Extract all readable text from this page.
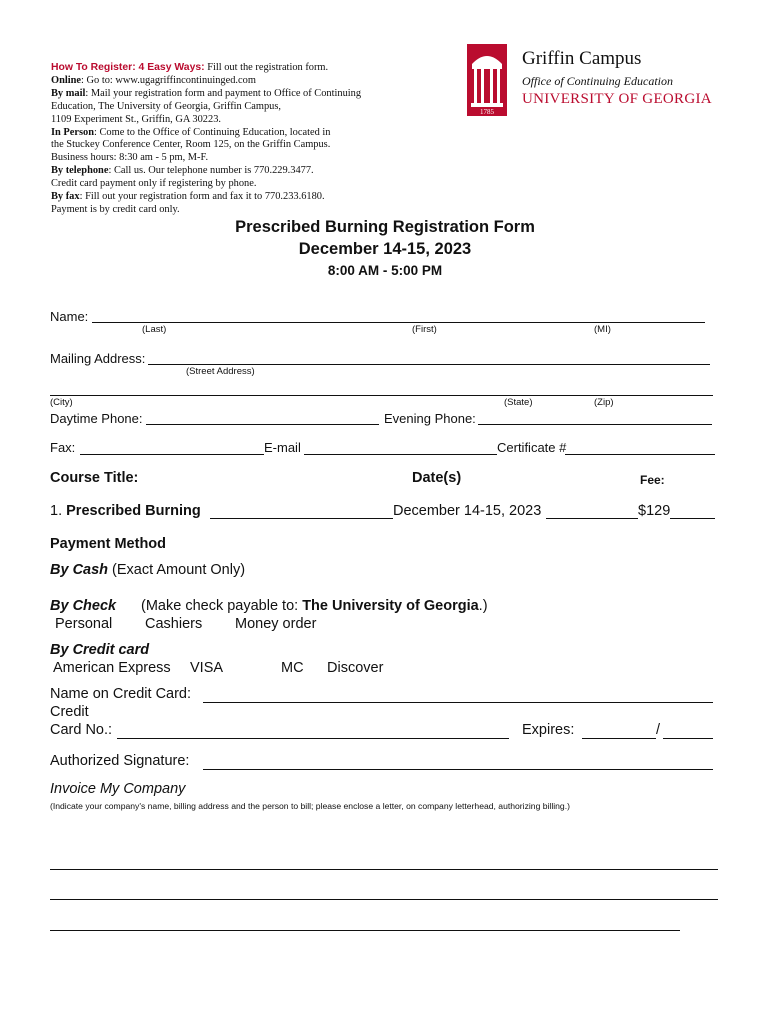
How To Register: 4 Easy Ways: Fill out the registration form.
Online: Go to: www.ugagriffincontinuinged.com
By mail: Mail your registration form and payment to Office of Continuing
Education, The University of Georgia, Griffin Campus,
1109 Experiment St., Griffin, GA 30223.
In Person: Come to the Office of Continuing Education, located in
the Stuckey Conference Center, Room 125, on the Griffin Campus.
Business hours: 8:30 am - 5 pm, M-F.
By telephone: Call us. Our telephone number is 770.229.3477.
Credit card payment only if registering by phone.
By fax: Fill out your registration form and fax it to 770.233.6180.
Payment is by credit card only.
1785
Griffin Campus
Office of Continuing Education
UNIVERSITY OF GEORGIA
Prescribed Burning Registration Form
December 14-15, 2023
8:00 AM - 5:00 PM
Name:
(Last)	(First)	(MI)
Mailing Address:
(Street Address)
(City)	(State)	(Zip)
Daytime Phone:	Evening Phone:
Fax:	E-mail	Certificate #
Course Title:	Date(s)	Fee:
1. Prescribed Burning	December 14-15, 2023	$129
Payment Method
By Cash (Exact Amount Only)
By Check (Make check payable to: The University of Georgia.)
Personal Cashiers Money order
By Credit card
American Express VISA	MC Discover
Name on Credit Card:
Credit
Card No.:	Expires:	/
Authorized Signature:
Invoice My Company
(Indicate your company's name, billing address and the person to bill; please enclose a letter, on company letterhead, authorizing billing.)
